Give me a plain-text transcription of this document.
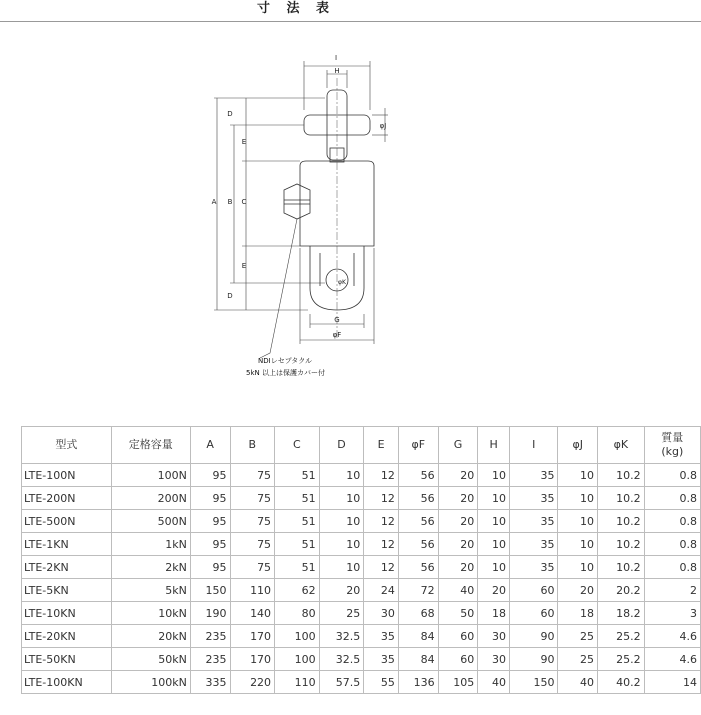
寸 法 表
I
H
D
E
A B C
E
D
G
φF
φJ
φK
NDIレセプタクル

5kN 以上は保護カバー付
型式	定格容量	A	B	C	D	E	φF	G	H	I	φJ	φK	質量
(kg)
LTE-100N	100N	95	75	51	10	12	56	20	10	35	10	10.2	0.8
LTE-200N	200N	95	75	51	10	12	56	20	10	35	10	10.2	0.8
LTE-500N	500N	95	75	51	10	12	56	20	10	35	10	10.2	0.8
LTE-1KN	1kN	95	75	51	10	12	56	20	10	35	10	10.2	0.8
LTE-2KN	2kN	95	75	51	10	12	56	20	10	35	10	10.2	0.8
LTE-5KN	5kN	150	110	62	20	24	72	40	20	60	20	20.2	2
LTE-10KN	10kN	190	140	80	25	30	68	50	18	60	18	18.2	3
LTE-20KN	20kN	235	170	100	32.5	35	84	60	30	90	25	25.2	4.6
LTE-50KN	50kN	235	170	100	32.5	35	84	60	30	90	25	25.2	4.6
LTE-100KN	100kN	335	220	110	57.5	55	136	105	40	150	40	40.2	14
